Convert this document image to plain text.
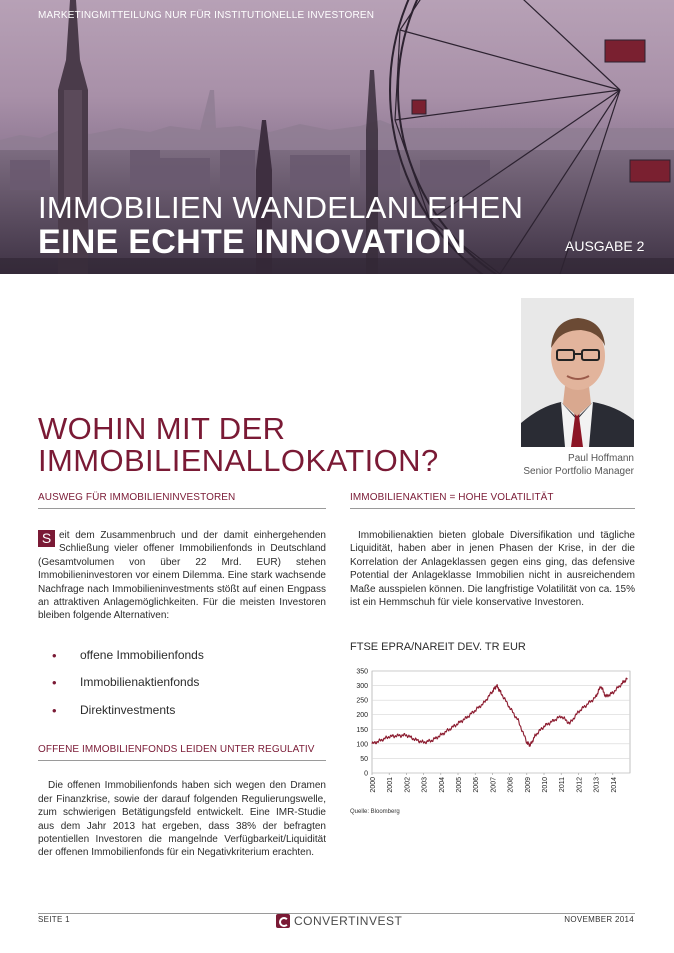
MARKETINGMITTEILUNG NUR FÜR INSTITUTIONELLE INVESTOREN
IMMOBILIEN WANDELANLEIHEN
EINE ECHTE INNOVATION	AUSGABE 2
Paul Hoffmann
Senior Portfolio Manager
WOHIN MIT DER
IMMOBILIENALLOKATION?
AUSWEG FÜR IMMOBILIENINVESTOREN

S eit dem Zusammenbruch und der damit einhergehenden Schließung vieler offener Immobilienfonds in Deutschland (Gesamtvolumen von über 22 Mrd. EUR) stehen Immobilieninvestoren vor einem Dilemma. Eine stark wachsende Nachfrage nach Immobilieninvestments stößt auf einen Engpass an attraktiven Anlagemöglichkeiten. Für die meisten Investoren bleiben folgende Alternativen:

• offene Immobilienfonds
• Immobilienaktienfonds
• Direktinvestments
OFFENE IMMOBILIENFONDS LEIDEN UNTER REGULATIV

Die offenen Immobilienfonds haben sich wegen den Dramen der Finanzkrise, sowie der darauf folgenden Regulierungswelle, zum schwierigen Betätigungsfeld entwickelt. Eine IMR-Studie aus dem Jahr 2013 hat ergeben, dass 38% der befragten potentiellen Investoren die mangelnde Verfügbarkeit/Liquidität der offenen Immobilienfonds für ein Negativkriterium erachten.

IMMOBILIENAKTIEN = HOHE VOLATILITÄT

Immobilienaktien bieten globale Diversifikation und tägliche Liquidität, haben aber in jenen Phasen der Krise, in der die Korrelation der Anlageklassen gegen eins ging, das defensive Potential der Anlageklasse Immobilien nicht in ausreichendem Maße ausspielen können. Die langfristige Volatilität von ca. 15% ist ein Hemmschuh für viele konservative Investoren.

FTSE EPRA/NAREIT DEV. TR EUR
0
50
100
150
200
250
300
350
2000 2001 2002 2003 2004 2005 2006 2007 2008 2009 2010 2011 2012 2013 2014
Quelle: Bloomberg
SEITE 1	CONVERTINVEST	NOVEMBER 2014
